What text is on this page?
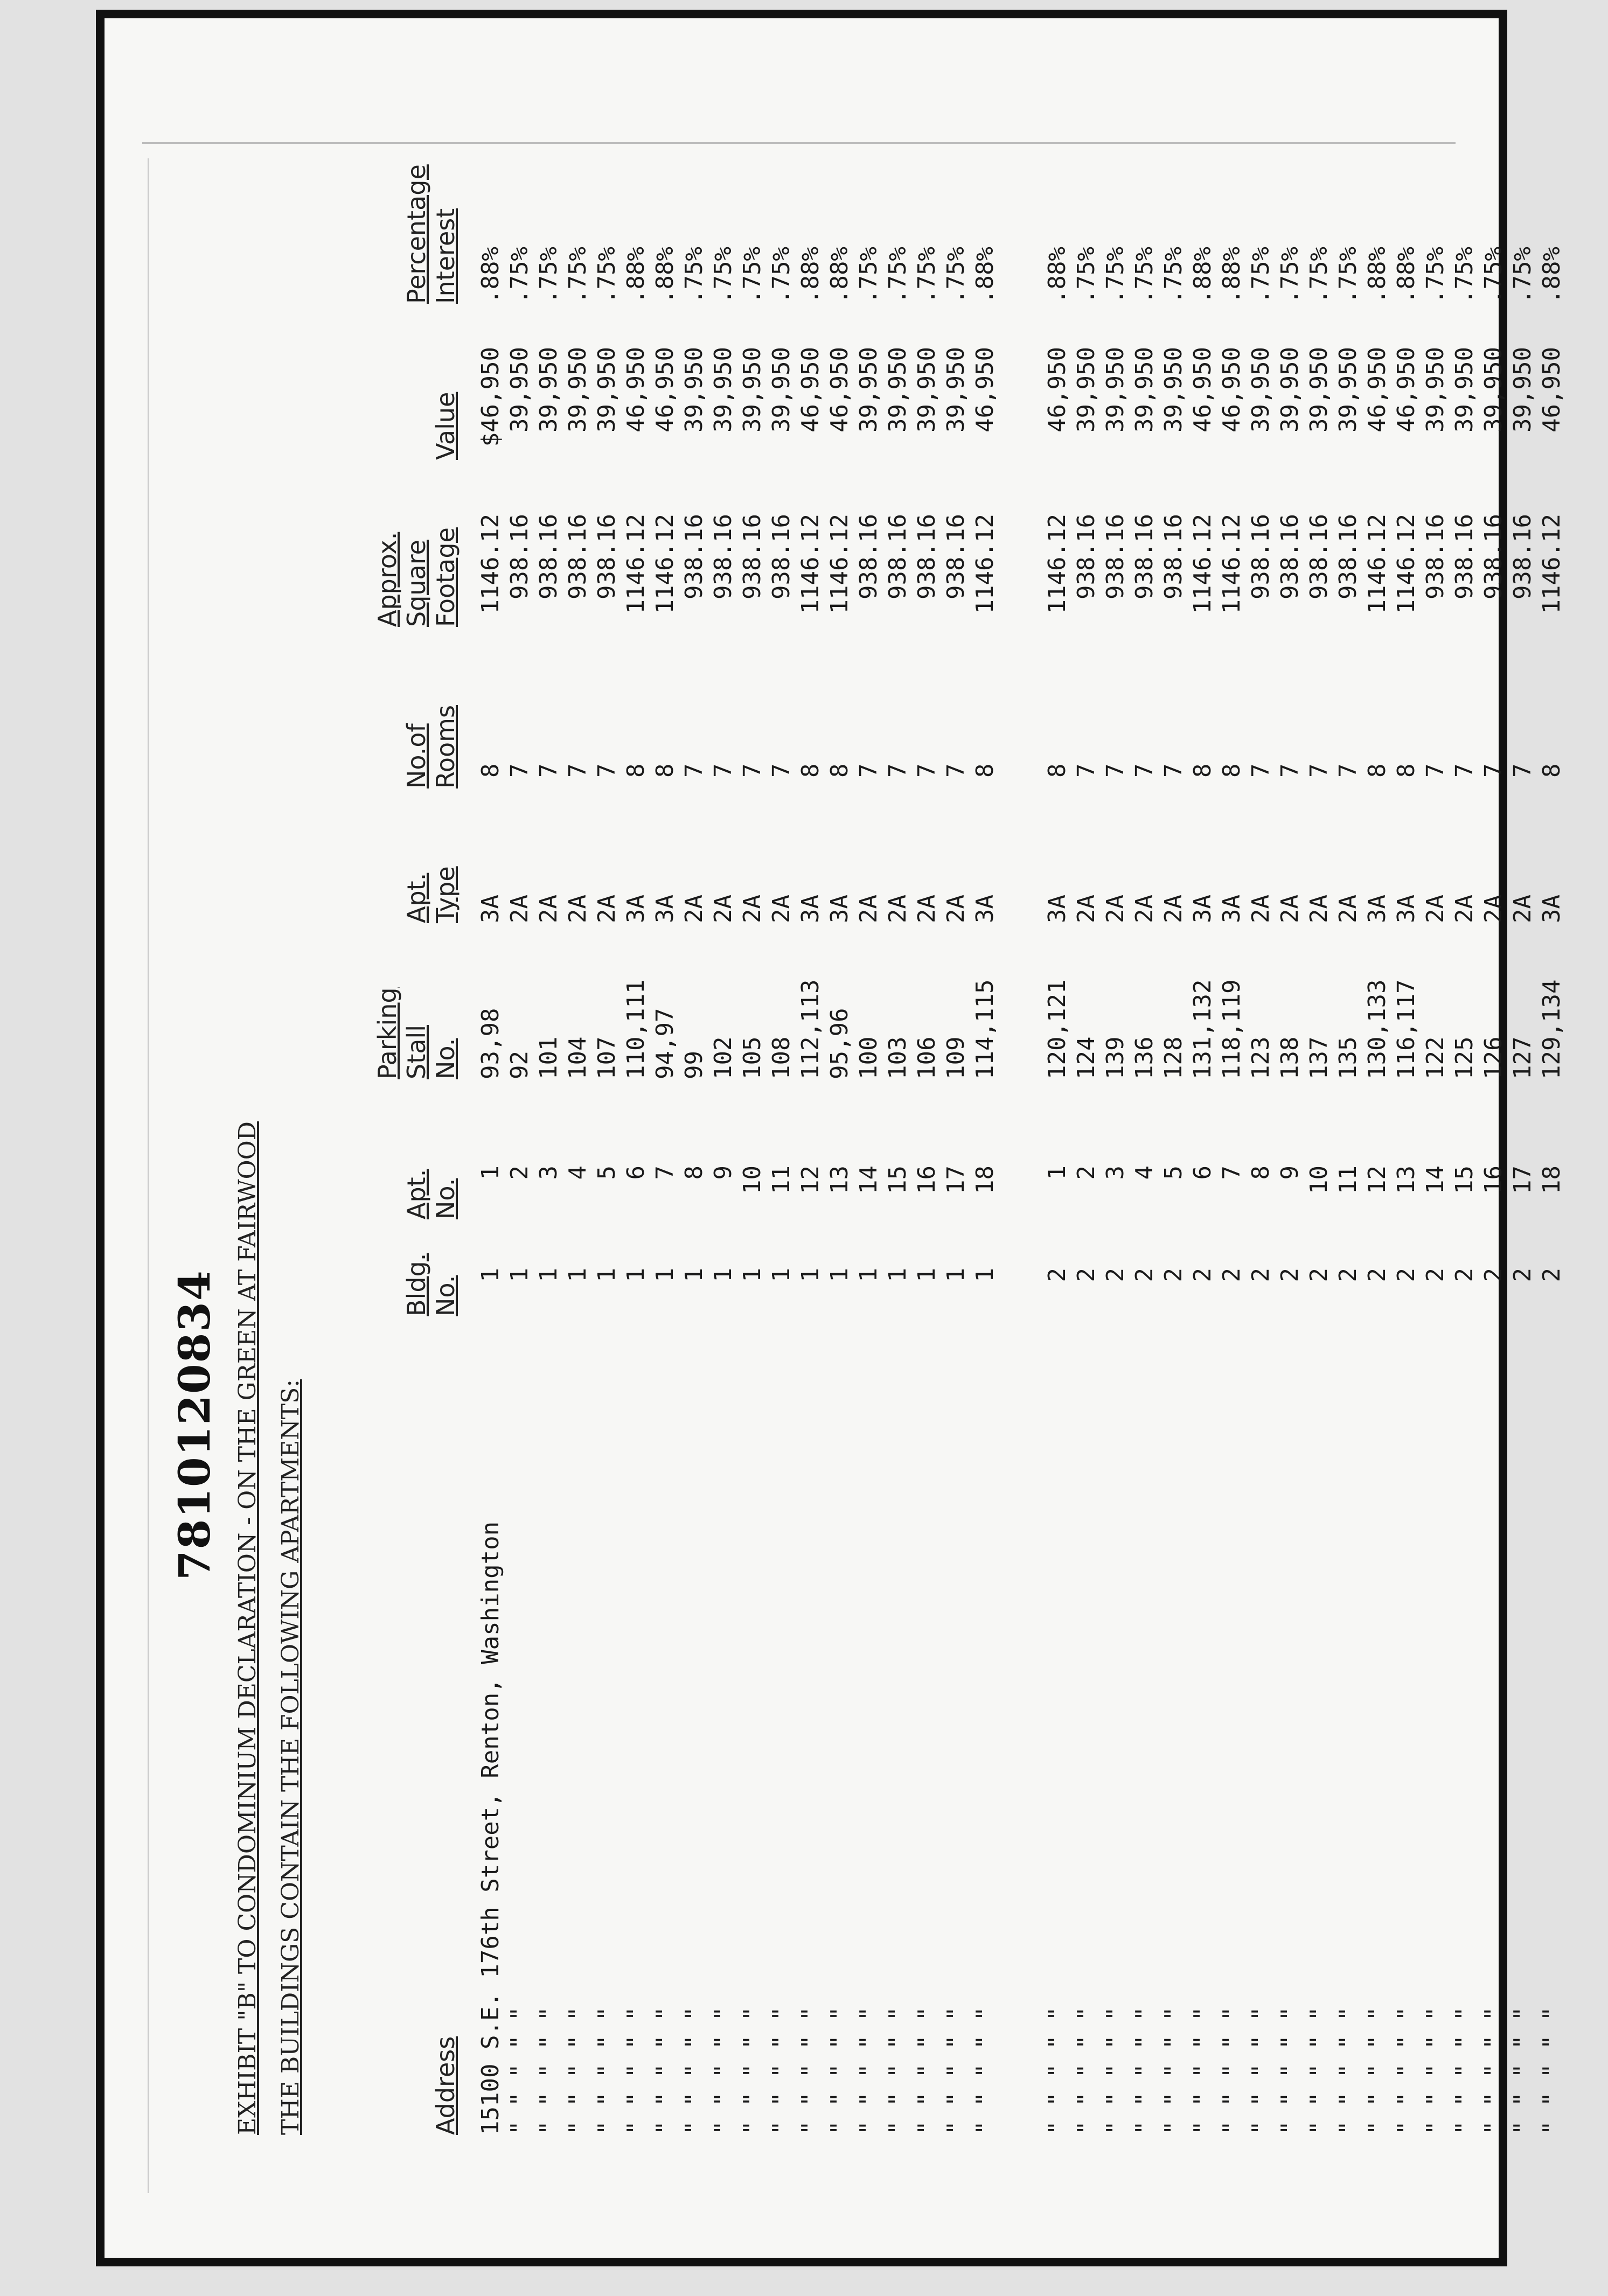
7810120834 EXHIBIT "B" TO CONDOMINIUM DECLARATION - ON THE GREEN AT FAIRWOOD THE BUILDINGS CONTAIN THE FOLLOWING APARTMENTS:	Address
Bldg.
No.
Apt.
No.
Parking
Stall
No.
Apt.
Type
No.of
Rooms
Approx.
Square
Footage
Value
Percentage
Interest
15100 S.E. 176th Street, Renton, Washington
1
1
93,98
3A
8
1146.12
$46,950
.88%
" " " " "
1
2
92
2A
7
938.16
39,950
.75%
" " " " "
1
3
101
2A
7
938.16
39,950
.75%
" " " " "
1
4
104
2A
7
938.16
39,950
.75%
" " " " "
1
5
107
2A
7
938.16
39,950
.75%
" " " " "
1
6
110,111
3A
8
1146.12
46,950
.88%
" " " " "
1
7
94,97
3A
8
1146.12
46,950
.88%
" " " " "
1
8
99
2A
7
938.16
39,950
.75%
" " " " "
1
9
102
2A
7
938.16
39,950
.75%
" " " " "
1
10
105
2A
7
938.16
39,950
.75%
" " " " "
1
11
108
2A
7
938.16
39,950
.75%
" " " " "
1
12
112,113
3A
8
1146.12
46,950
.88%
" " " " "
1
13
95,96
3A
8
1146.12
46,950
.88%
" " " " "
1
14
100
2A
7
938.16
39,950
.75%
" " " " "
1
15
103
2A
7
938.16
39,950
.75%
" " " " "
1
16
106
2A
7
938.16
39,950
.75%
" " " " "
1
17
109
2A
7
938.16
39,950
.75%
" " " " "
1
18
114,115
3A
8
1146.12
46,950
.88%
" " " " "
2
1
120,121
3A
8
1146.12
46,950
.88%
" " " " "
2
2
124
2A
7
938.16
39,950
.75%
" " " " "
2
3
139
2A
7
938.16
39,950
.75%
" " " " "
2
4
136
2A
7
938.16
39,950
.75%
" " " " "
2
5
128
2A
7
938.16
39,950
.75%
" " " " "
2
6
131,132
3A
8
1146.12
46,950
.88%
" " " " "
2
7
118,119
3A
8
1146.12
46,950
.88%
" " " " "
2
8
123
2A
7
938.16
39,950
.75%
" " " " "
2
9
138
2A
7
938.16
39,950
.75%
" " " " "
2
10
137
2A
7
938.16
39,950
.75%
" " " " "
2
11
135
2A
7
938.16
39,950
.75%
" " " " "
2
12
130,133
3A
8
1146.12
46,950
.88%
" " " " "
2
13
116,117
3A
8
1146.12
46,950
.88%
" " " " "
2
14
122
2A
7
938.16
39,950
.75%
" " " " "
2
15
125
2A
7
938.16
39,950
.75%
" " " " "
2
16
126
2A
7
938.16
39,950
.75%
" " " " "
2
17
127
2A
7
938.16
39,950
.75%
" " " " "
2
18
129,134
3A
8
1146.12
46,950
.88%
